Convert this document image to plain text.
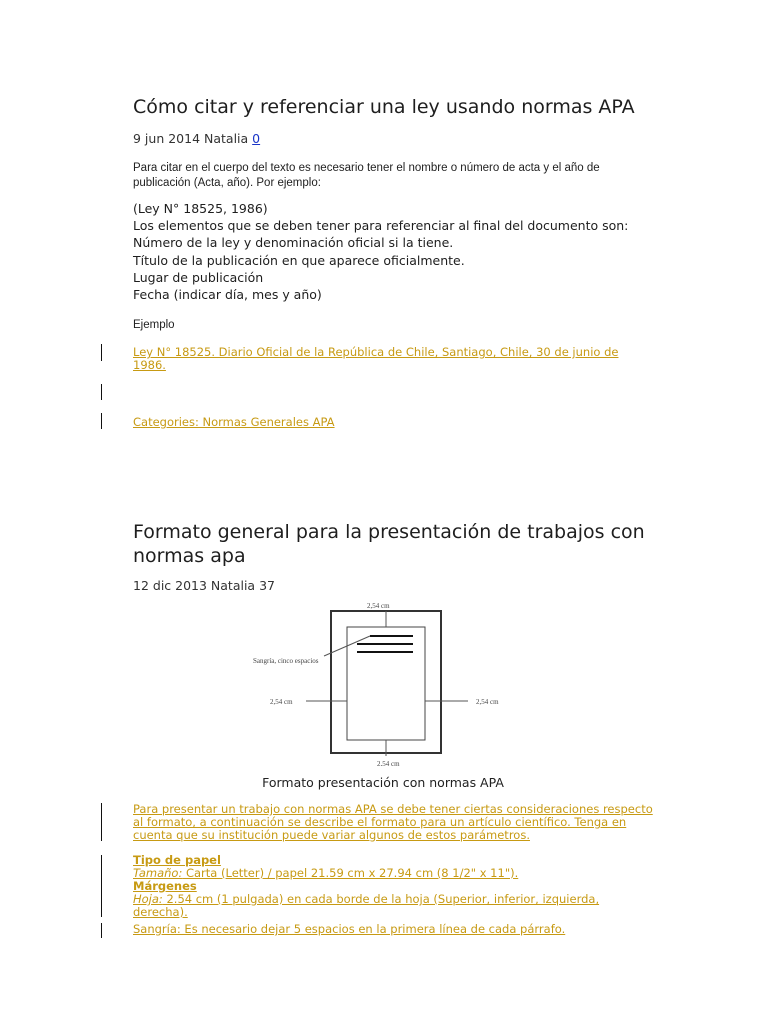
Cómo citar y referenciar una ley usando normas APA
9 jun 2014 Natalia 0
Para citar en el cuerpo del texto es necesario tener el nombre o número de acta y el año de
publicación (Acta, año). Por ejemplo:
(Ley N° 18525, 1986)
Los elementos que se deben tener para referenciar al final del documento son:
Número de la ley y denominación oficial si la tiene.
Título de la publicación en que aparece oficialmente.
Lugar de publicación
Fecha (indicar día, mes y año)
Ejemplo
Ley N° 18525. Diario Oficial de la República de Chile, Santiago, Chile, 30 de junio de
1986.
Categories: Normas Generales APA
Formato general para la presentación de trabajos con
normas apa
12 dic 2013 Natalia 37
2,54 cm
2,54 cm	2,54 cm
2,54 cm
Sangría, cinco espacios
Formato presentación con normas APA
Para presentar un trabajo con normas APA se debe tener ciertas consideraciones respecto
al formato, a continuación se describe el formato para un artículo científico. Tenga en
cuenta que su institución puede variar algunos de estos parámetros.
Tipo de papel
Tamaño: Carta (Letter) / papel 21.59 cm x 27.94 cm (8 1/2" x 11").
Márgenes
Hoja: 2.54 cm (1 pulgada) en cada borde de la hoja (Superior, inferior, izquierda,
derecha).
Sangría: Es necesario dejar 5 espacios en la primera línea de cada párrafo.
